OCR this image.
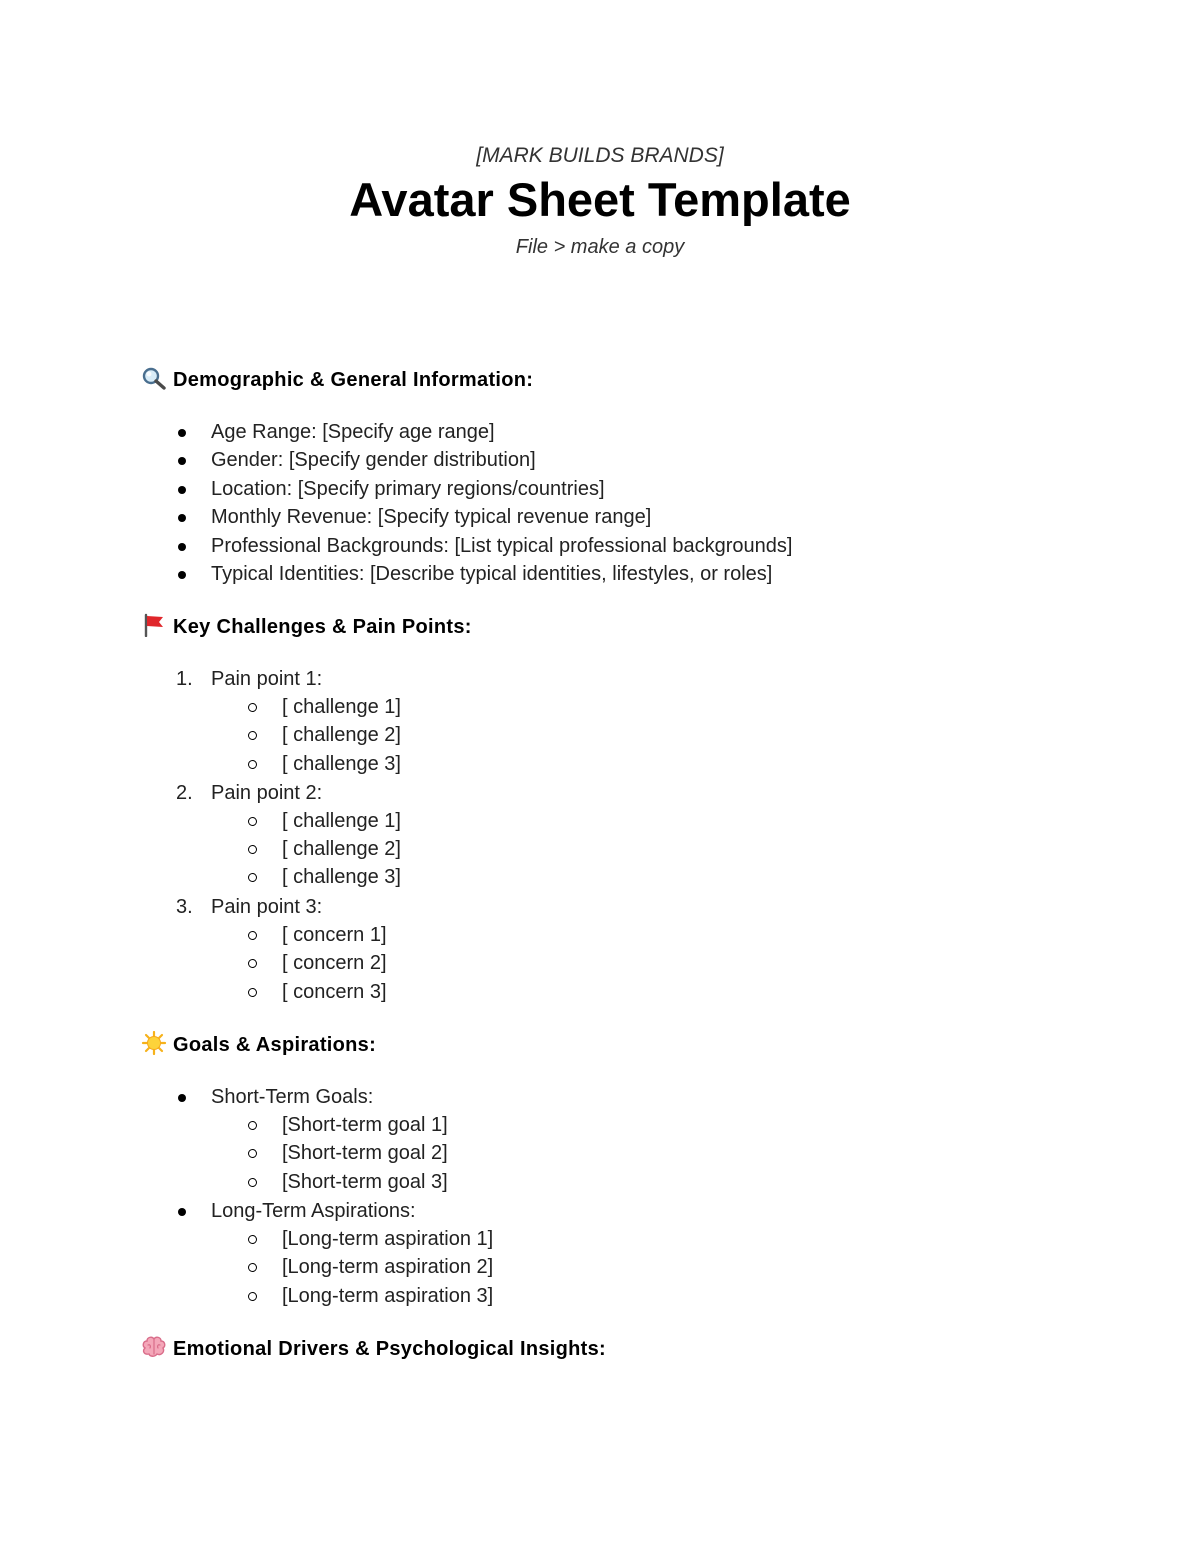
[MARK BUILDS BRANDS]
Avatar Sheet Template
File > make a copy
Demographic & General Information:
Age Range: [Specify age range]
Gender: [Specify gender distribution]
Location: [Specify primary regions/countries]
Monthly Revenue: [Specify typical revenue range]
Professional Backgrounds: [List typical professional backgrounds]
Typical Identities: [Describe typical identities, lifestyles, or roles]
Key Challenges & Pain Points:
1. Pain point 1:
[ challenge 1]
[ challenge 2]
[ challenge 3]
2. Pain point 2:
[ challenge 1]
[ challenge 2]
[ challenge 3]
3. Pain point 3:
[ concern 1]
[ concern 2]
[ concern 3]
Goals & Aspirations:
Short-Term Goals:
[Short-term goal 1]
[Short-term goal 2]
[Short-term goal 3]
Long-Term Aspirations:
[Long-term aspiration 1]
[Long-term aspiration 2]
[Long-term aspiration 3]
Emotional Drivers & Psychological Insights:
